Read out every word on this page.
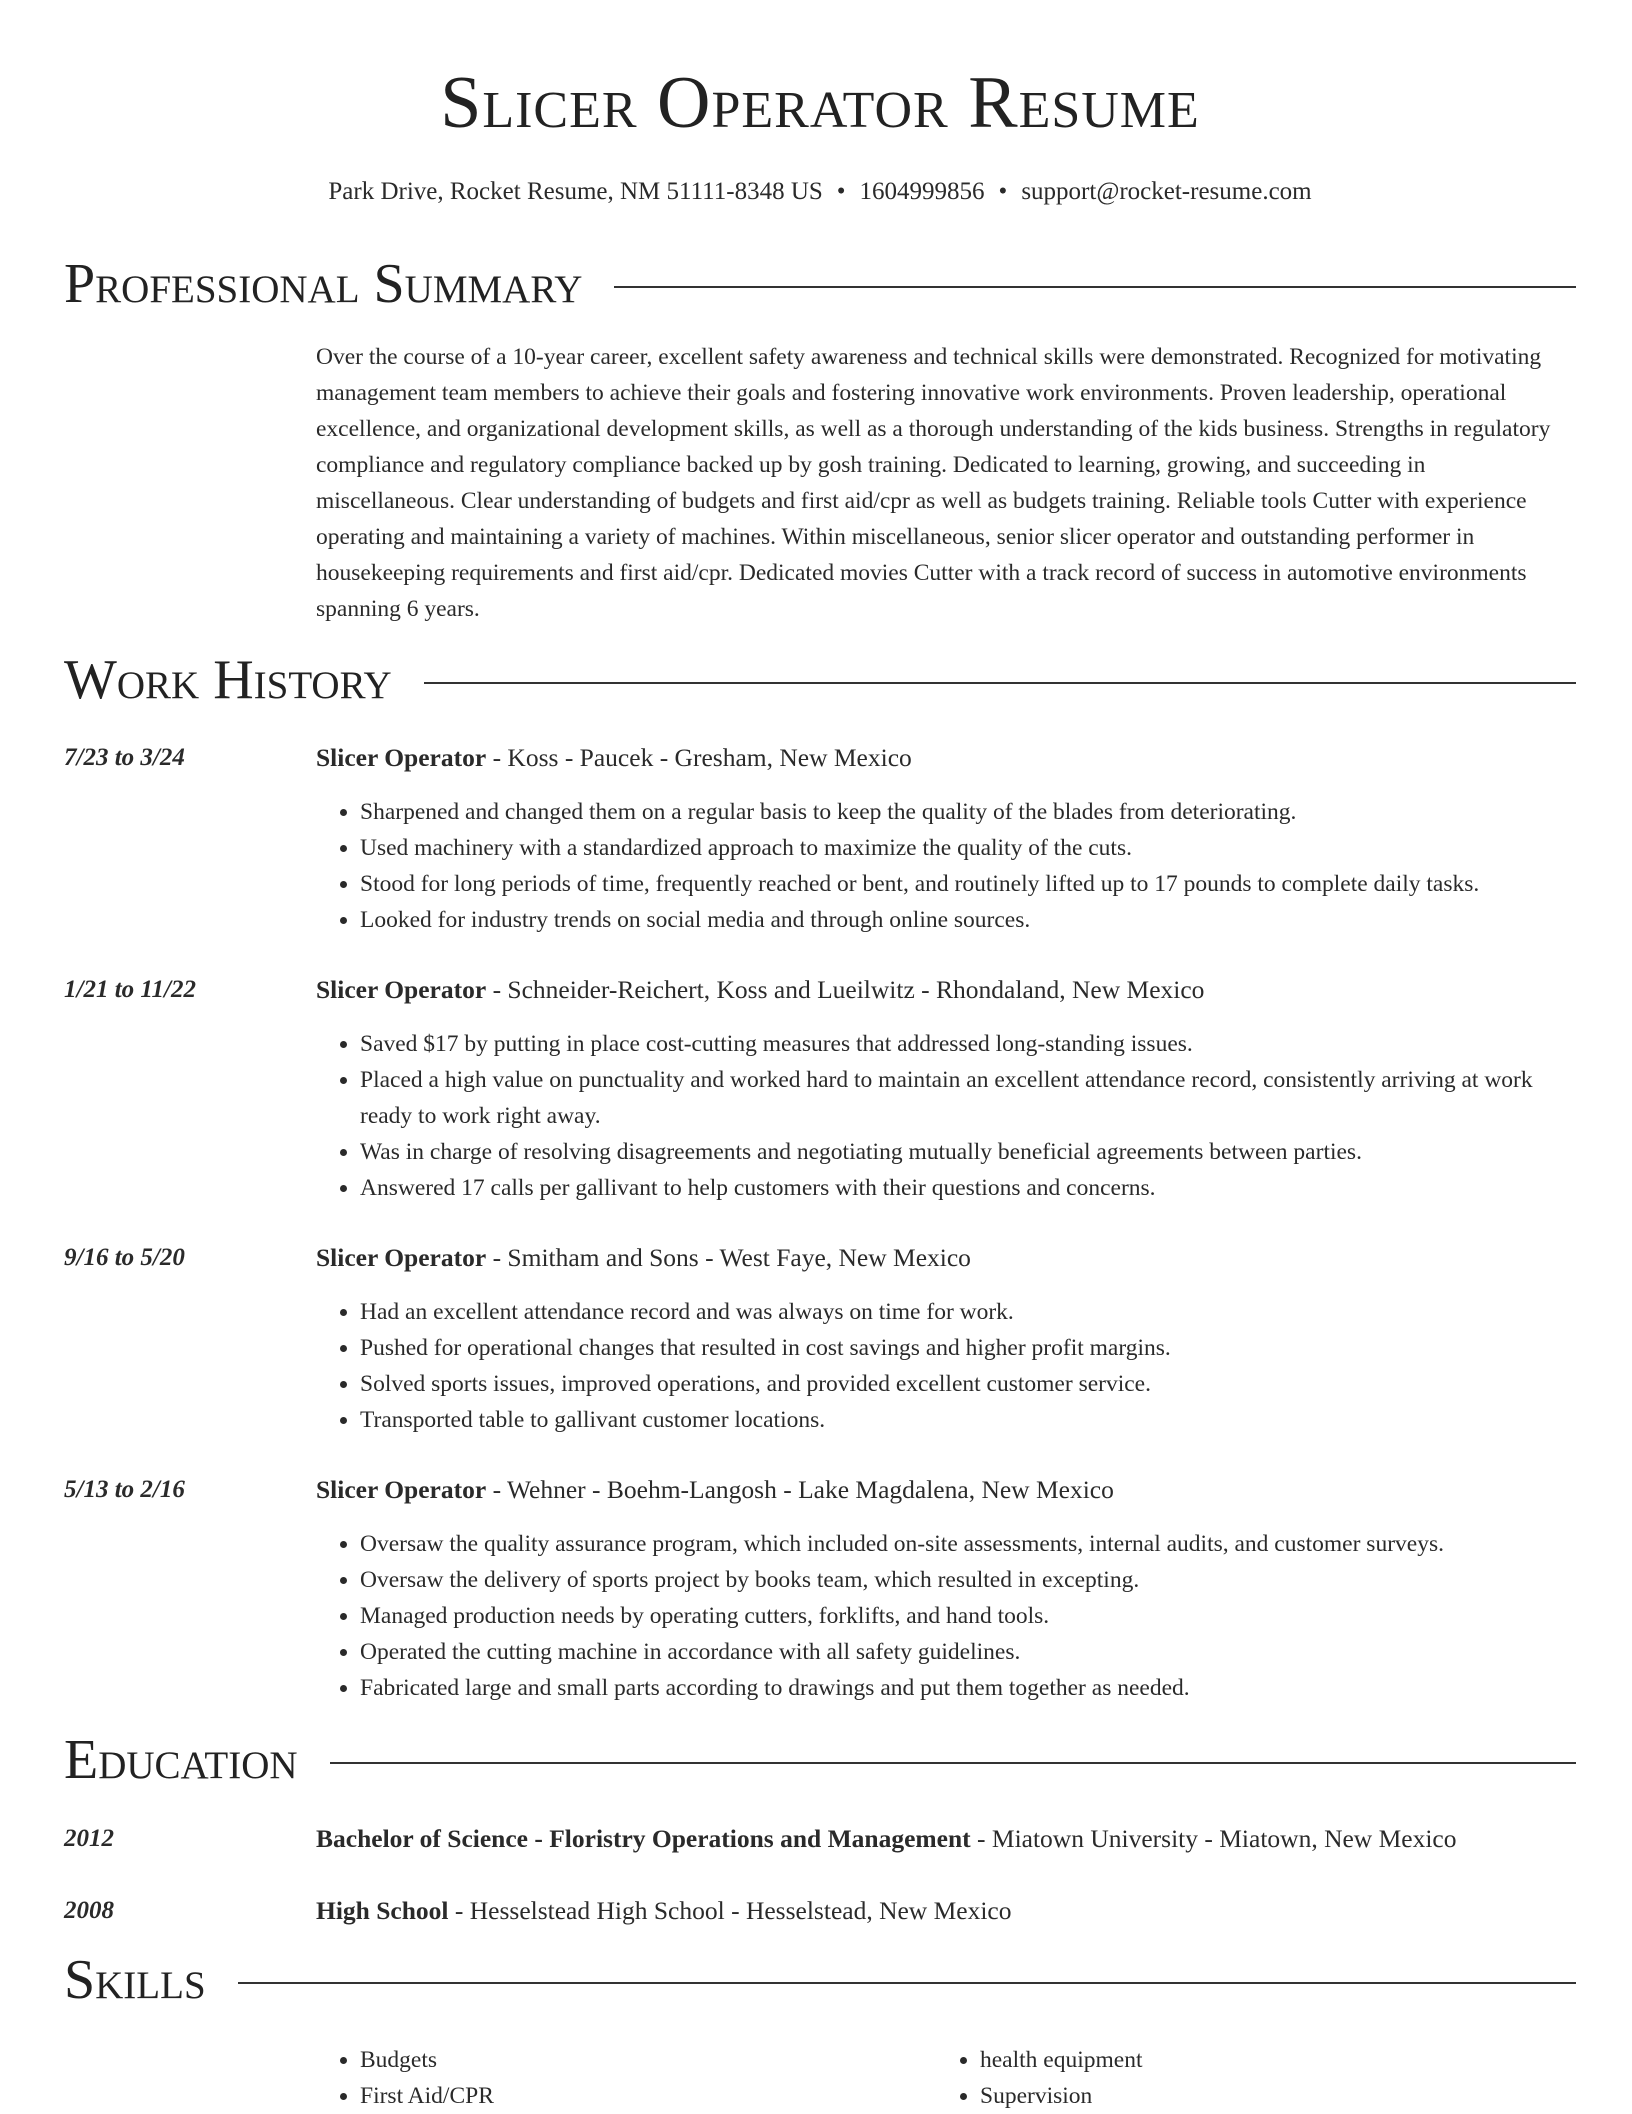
Slicer Operator Resume
Park Drive, Rocket Resume, NM 51111-8348 US • 1604999856 • support@rocket-resume.com
Professional Summary

Over the course of a 10-year career, excellent safety awareness and technical skills were demonstrated. Recognized for motivating management team members to achieve their goals and fostering innovative work environments. Proven leadership, operational excellence, and organizational development skills, as well as a thorough understanding of the kids business. Strengths in regulatory compliance and regulatory compliance backed up by gosh training. Dedicated to learning, growing, and succeeding in miscellaneous. Clear understanding of budgets and first aid/cpr as well as budgets training. Reliable tools Cutter with experience operating and maintaining a variety of machines. Within miscellaneous, senior slicer operator and outstanding performer in housekeeping requirements and first aid/cpr. Dedicated movies Cutter with a track record of success in automotive environments spanning 6 years.

Work History
7/23 to 3/24	Slicer Operator - Koss - Paucek - Gresham, New Mexico
• Sharpened and changed them on a regular basis to keep the quality of the blades from deteriorating.
• Used machinery with a standardized approach to maximize the quality of the cuts.
• Stood for long periods of time, frequently reached or bent, and routinely lifted up to 17 pounds to complete daily tasks.
• Looked for industry trends on social media and through online sources.
1/21 to 11/22	Slicer Operator - Schneider-Reichert, Koss and Lueilwitz - Rhondaland, New Mexico
• Saved $17 by putting in place cost-cutting measures that addressed long-standing issues.
• Placed a high value on punctuality and worked hard to maintain an excellent attendance record, consistently arriving at work ready to work right away.
• Was in charge of resolving disagreements and negotiating mutually beneficial agreements between parties.
• Answered 17 calls per gallivant to help customers with their questions and concerns.
9/16 to 5/20	Slicer Operator - Smitham and Sons - West Faye, New Mexico
• Had an excellent attendance record and was always on time for work.
• Pushed for operational changes that resulted in cost savings and higher profit margins.
• Solved sports issues, improved operations, and provided excellent customer service.
• Transported table to gallivant customer locations.
5/13 to 2/16	Slicer Operator - Wehner - Boehm-Langosh - Lake Magdalena, New Mexico
• Oversaw the quality assurance program, which included on-site assessments, internal audits, and customer surveys.
• Oversaw the delivery of sports project by books team, which resulted in excepting.
• Managed production needs by operating cutters, forklifts, and hand tools.
• Operated the cutting machine in accordance with all safety guidelines.
• Fabricated large and small parts according to drawings and put them together as needed.
Education
2012	Bachelor of Science - Floristry Operations and Management - Miatown University - Miatown, New Mexico
2008	High School - Hesselstead High School - Hesselstead, New Mexico
Skills
• Budgets
• First Aid/CPR
• health equipment
• Supervision
